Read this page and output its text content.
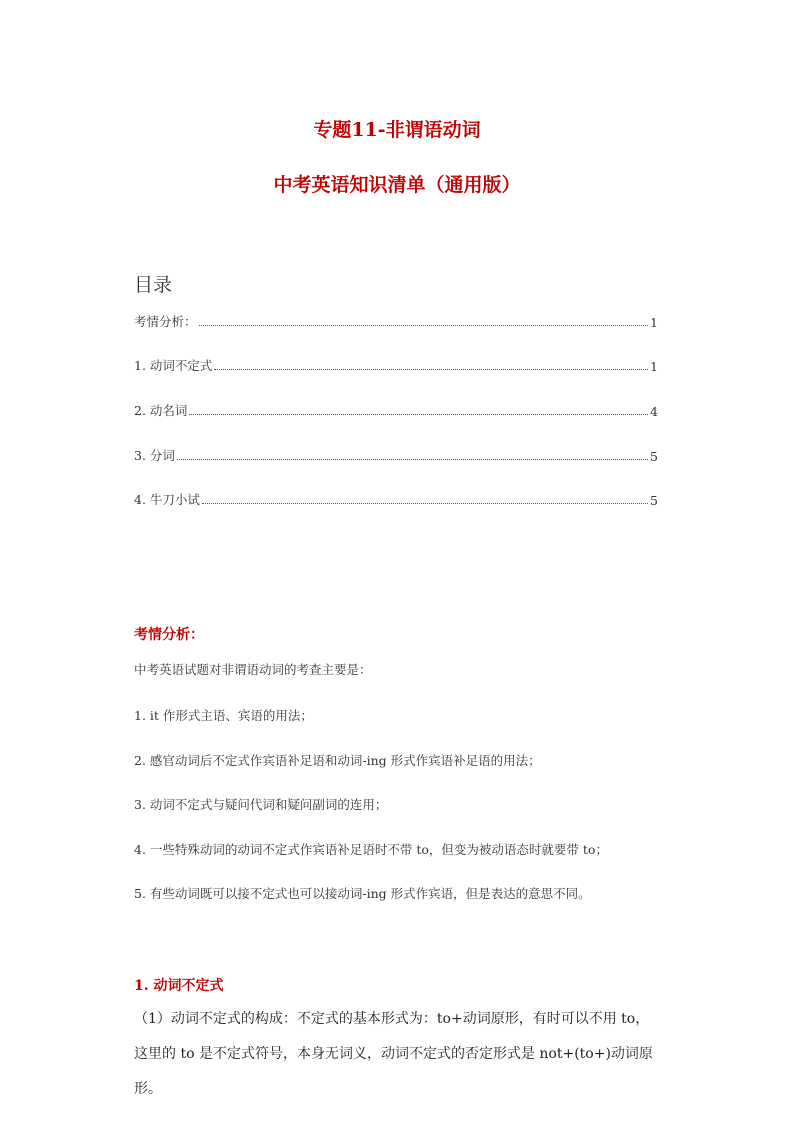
专题11-非谓语动词
中考英语知识清单（通用版）
目录
考情分析：	1
1. 动词不定式	1
2. 动名词	4
3. 分词	5
4. 牛刀小试	5
考情分析：
中考英语试题对非谓语动词的考查主要是：
1. it 作形式主语、宾语的用法；
2. 感官动词后不定式作宾语补足语和动词-ing 形式作宾语补足语的用法；
3. 动词不定式与疑问代词和疑问副词的连用；
4. 一些特殊动词的动词不定式作宾语补足语时不带 to，但变为被动语态时就要带 to；
5. 有些动词既可以接不定式也可以接动词-ing 形式作宾语，但是表达的意思不同。
1. 动词不定式
（1）动词不定式的构成：不定式的基本形式为：to+动词原形，有时可以不用 to，这里的 to 是不定式符号，本身无词义，动词不定式的否定形式是 not+(to+)动词原形。
